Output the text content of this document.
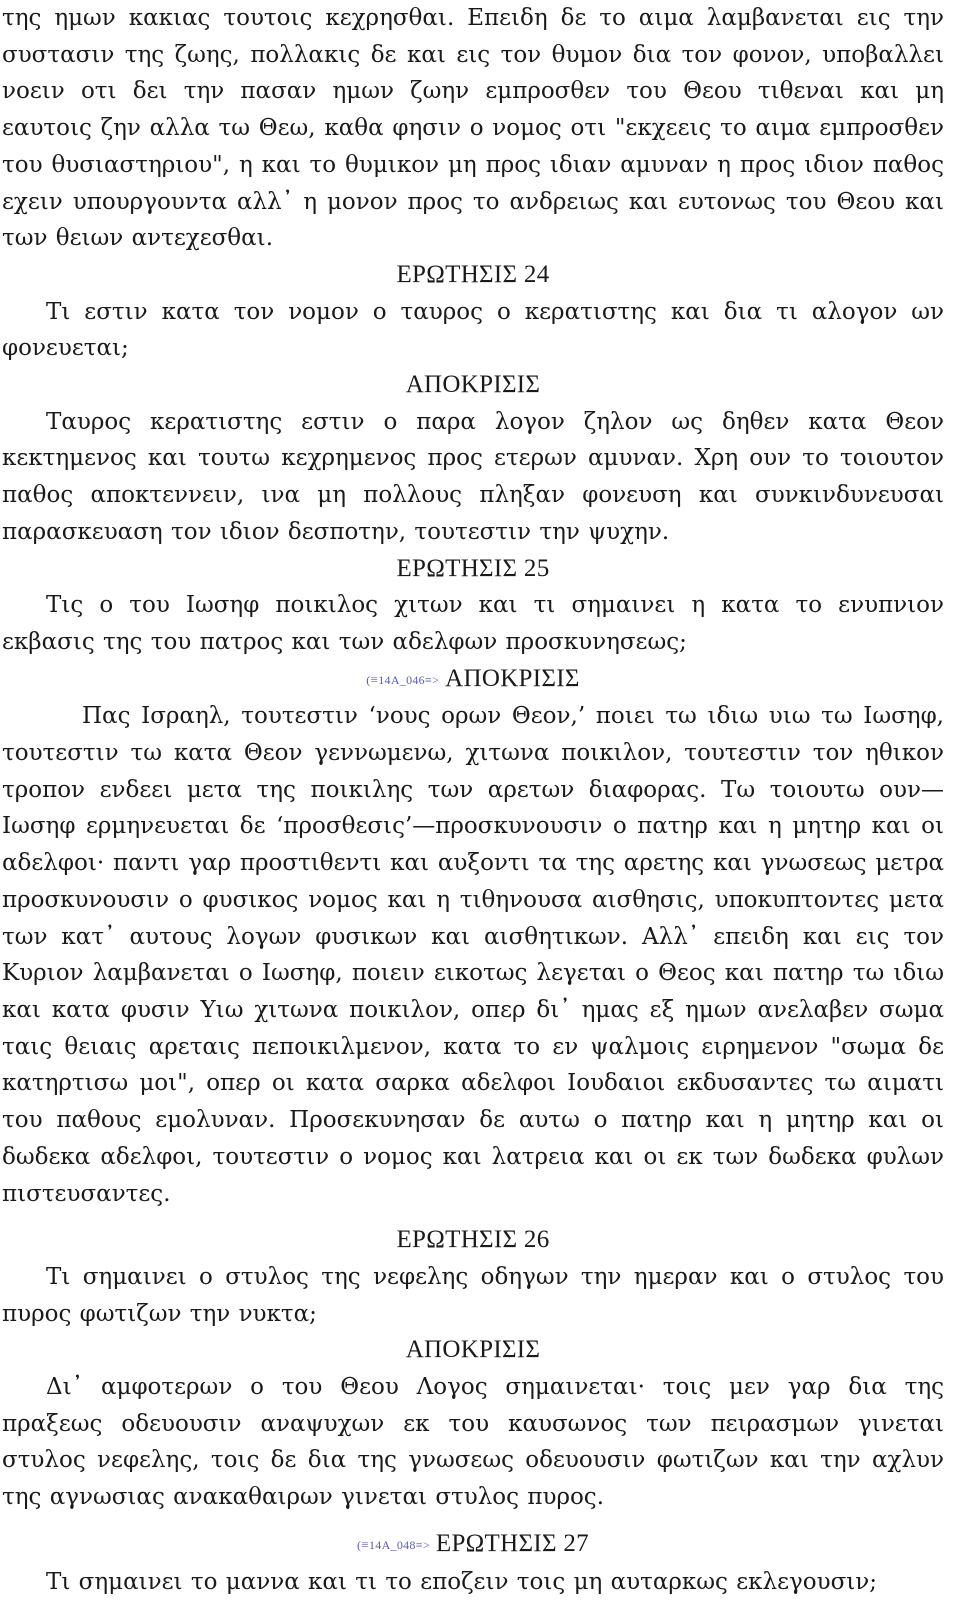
της ημων κακιας τουτοις κεχρησθαι. Επειδη δε το αιμα λαμβανεται εις την συστασιν της ζωης, πολλακις δε και εις τον θυμον δια τον φονον, υποβαλλει νοειν οτι δει την πασαν ημων ζωην εμπροσθεν του Θεου τιθεναι και μη εαυτοις ζην αλλα τω Θεω, καθα φησιν ο νομος οτι "εκχεεις το αιμα εμπροσθεν του θυσιαστηριου", η και το θυμικον μη προς ιδιαν αμυναν η προς ιδιον παθος εχειν υπουργουντα αλλ᾽ η μονον προς το ανδρειως και ευτονως του Θεου και των θειων αντεχεσθαι.

ΕΡΩΤΗΣΙΣ 24

Τι εστιν κατα τον νομον ο ταυρος ο κερατιστης και δια τι αλογον ων φονευεται;

ΑΠΟΚΡΙΣΙΣ

Ταυρος κερατιστης εστιν ο παρα λογον ζηλον ως δηθεν κατα Θεον κεκτημενος και τουτω κεχρημενος προς ετερων αμυναν. Χρη ουν το τοιουτον παθος αποκτεννειν, ινα μη πολλους πληξαν φονευση και συνκινδυνευσαι παρασκευαση τον ιδιον δεσποτην, τουτεστιν την ψυχην.

ΕΡΩΤΗΣΙΣ 25

Τις ο του Ιωσηφ ποικιλος χιτων και τι σημαινει η κατα το ενυπνιον εκβασις της του πατρος και των αδελφων προσκυνησεως;

(≡14A_046≡> ΑΠΟΚΡΙΣΙΣ

Πας Ισραηλ, τουτεστιν ‘νους ορων Θεον,’ ποιει τω ιδιω υιω τω Ιωσηφ, τουτεστιν τω κατα Θεον γεννωμενω, χιτωνα ποικιλον, τουτεστιν τον ηθικον τροπον ενδεει μετα της ποικιλης των αρετων διαφορας. Τω τοιουτω ουν— Ιωσηφ ερμηνευεται δε ‘προσθεσις’—προσκυνουσιν ο πατηρ και η μητηρ και οι αδελφοι· παντι γαρ προστιθεντι και αυξοντι τα της αρετης και γνωσεως μετρα προσκυνουσιν ο φυσικος νομος και η τιθηνουσα αισθησις, υποκυπτοντες μετα των κατ᾽ αυτους λογων φυσικων και αισθητικων. Αλλ᾽ επειδη και εις τον Κυριον λαμβανεται ο Ιωσηφ, ποιειν εικοτως λεγεται ο Θεος και πατηρ τω ιδιω και κατα φυσιν Υιω χιτωνα ποικιλον, οπερ δι᾽ ημας εξ ημων ανελαβεν σωμα ταις θειαις αρεταις πεποικιλμενον, κατα το εν ψαλμοις ειρημενον "σωμα δε κατηρτισω μοι", οπερ οι κατα σαρκα αδελφοι Ιουδαιοι εκδυσαντες τω αιματι του παθους εμολυναν. Προσεκυνησαν δε αυτω ο πατηρ και η μητηρ και οι δωδεκα αδελφοι, τουτεστιν ο νομος και λατρεια και οι εκ των δωδεκα φυλων πιστευσαντες.

ΕΡΩΤΗΣΙΣ 26

Τι σημαινει ο στυλος της νεφελης οδηγων την ημεραν και ο στυλος του πυρος φωτιζων την νυκτα;

ΑΠΟΚΡΙΣΙΣ

Δι᾽ αμφοτερων ο του Θεου Λογος σημαινεται· τοις μεν γαρ δια της πραξεως οδευουσιν αναψυχων εκ του καυσωνος των πειρασμων γινεται στυλος νεφελης, τοις δε δια της γνωσεως οδευουσιν φωτιζων και την αχλυν της αγνωσιας ανακαθαιρων γινεται στυλος πυρος.

(≡14A_048≡> ΕΡΩΤΗΣΙΣ 27

Τι σημαινει το μαννα και τι το εποζειν τοις μη αυταρκως εκλεγουσιν;
